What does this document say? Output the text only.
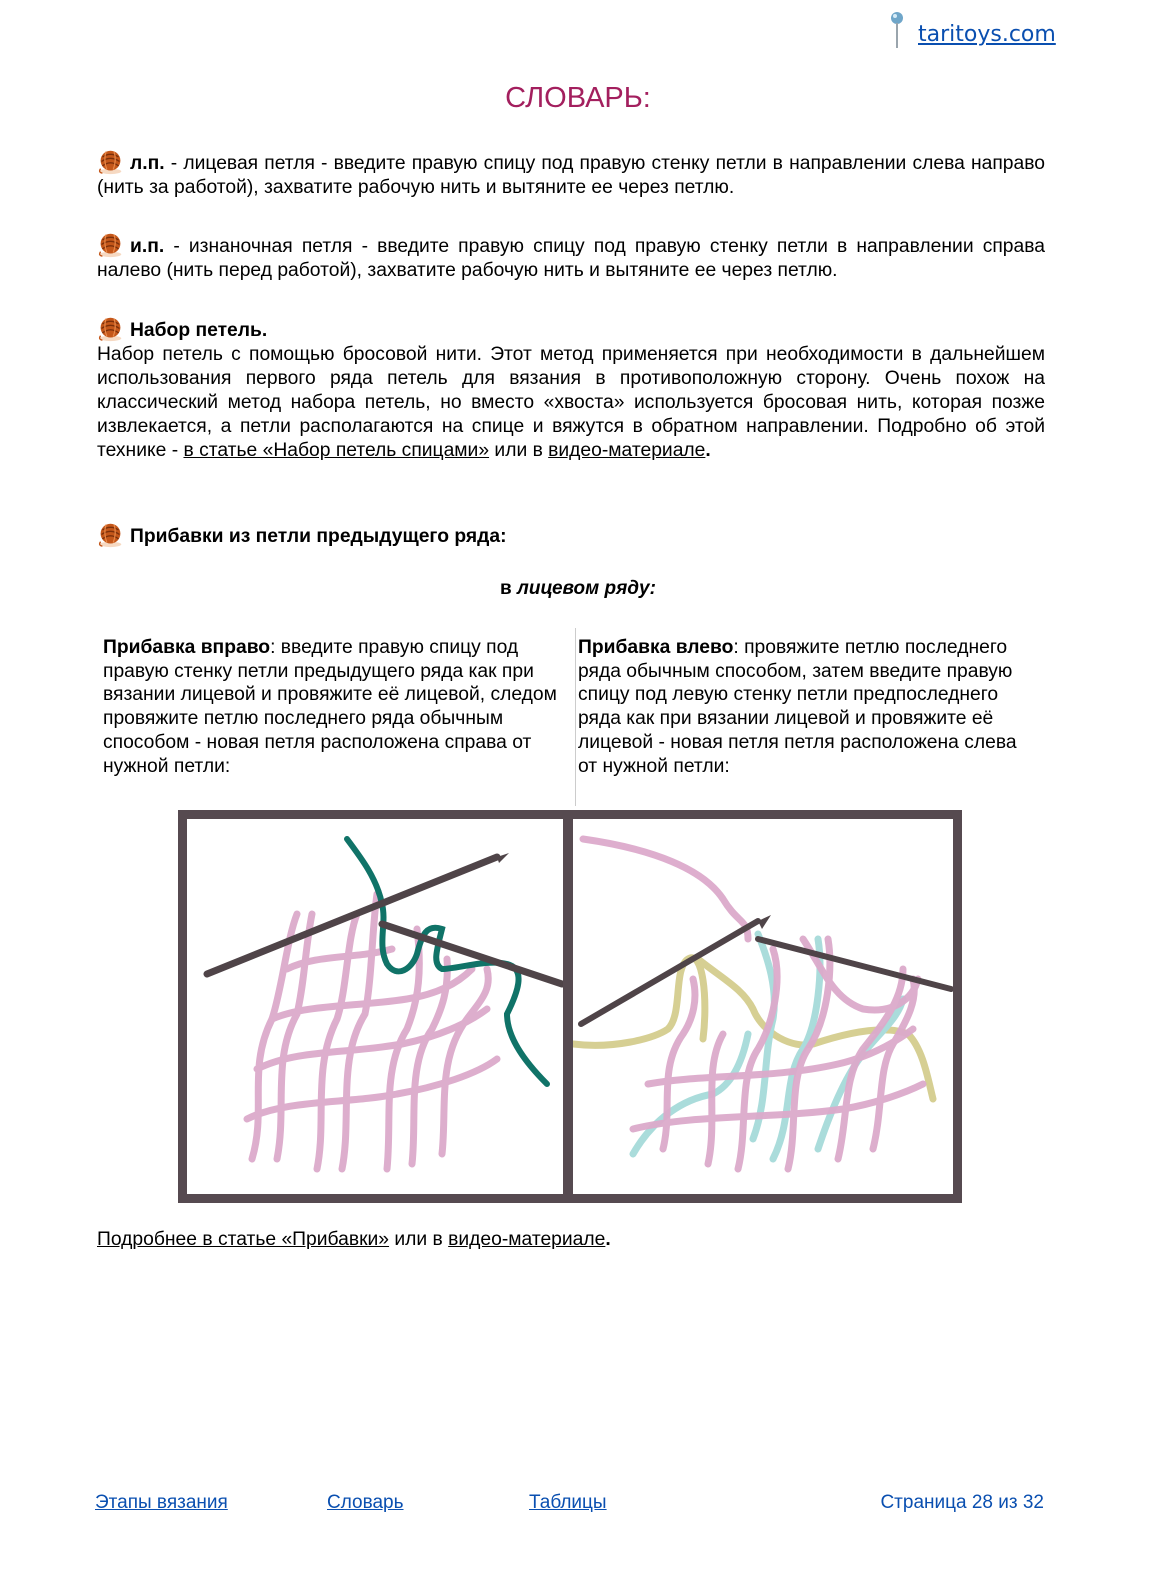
taritoys.com
СЛОВАРЬ:
л.п. - лицевая петля - введите правую спицу под правую стенку петли в направлении слева направо (нить за работой), захватите рабочую нить и вытяните ее через петлю.
и.п. - изнаночная петля - введите правую спицу под правую стенку петли в направлении справа налево (нить перед работой), захватите рабочую нить и вытяните ее через петлю.
Набор петель.
Набор петель с помощью бросовой нити. Этот метод применяется при необходимости в дальнейшем использования первого ряда петель для вязания в противоположную сторону. Очень похож на классический метод набора петель, но вместо «хвоста» используется бросовая нить, которая позже извлекается, а петли располагаются на спице и вяжутся в обратном направлении. Подробно об этой технике - в статье «Набор петель спицами» или в видео-материале.
Прибавки из петли предыдущего ряда:
в лицевом ряду:
Прибавка вправо: введите правую спицу под правую стенку петли предыдущего ряда как при вязании лицевой и провяжите её лицевой, следом провяжите петлю последнего ряда обычным способом - новая петля расположена справа от нужной петли:
Прибавка влево: провяжите петлю последнего ряда обычным способом, затем введите правую спицу под левую стенку петли предпоследнего ряда как при вязании лицевой и провяжите её лицевой - новая петля петля расположена слева от нужной петли:
Подробнее в статье «Прибавки» или в видео-материале.
Этапы вязания	Словарь	Таблицы	Страница 28 из 32
